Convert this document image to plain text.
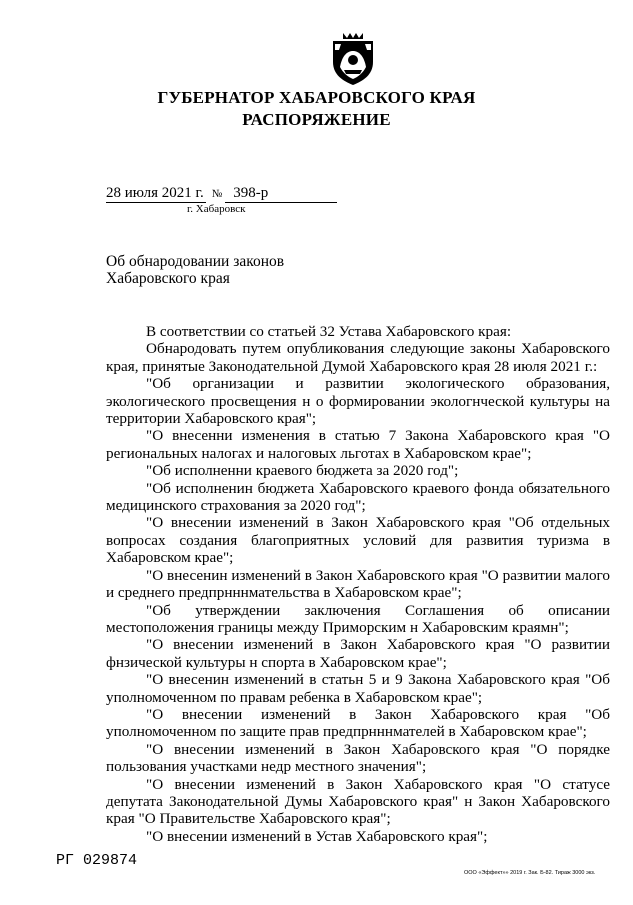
ГУБЕРНАТОР ХАБАРОВСКОГО КРАЯ
РАСПОРЯЖЕНИЕ
28 июля 2021 г. № 398-р
г. Хабаровск
Об обнародовании законов
Хабаровского края

В соответствии со статьей 32 Устава Хабаровского края:

Обнародовать путем опубликования следующие законы Хабаровского края, принятые Законодательной Думой Хабаровского края 28 июля 2021 г.:

"Об организации и развитии экологического образования, экологического просвещения н о формировании экологнческой культуры на территории Хабаровского края";

"О внесенни изменения в статью 7 Закона Хабаровского края "О региональных налогах и налоговых льготах в Хабаровском крае";

"Об исполненни краевого бюджета за 2020 год";

"Об исполненин бюджета Хабаровского краевого фонда обязательного медицинского страхования за 2020 год";

"О внесении изменений в Закон Хабаровского края "Об отдельных вопросах создания благоприятных условий для развития туризма в Хабаровском крае";

"О внесенин изменений в Закон Хабаровского края "О развитии малого и среднего предпрнннмательства в Хабаровском крае";

"Об утверждении заключения Соглашения об описании местоположения границы между Приморским н Хабаровским краямн";

"О внесении изменений в Закон Хабаровского края "О развитии фнзической культуры н спорта в Хабаровском крае";

"О внесенин изменений в статьн 5 и 9 Закона Хабаровского края "Об уполномоченном по правам ребенка в Хабаровском крае";

"О внесении изменений в Закон Хабаровского края "Об уполномоченном по защите прав предпрнннмателей в Хабаровском крае";

"О внесении изменений в Закон Хабаровского края "О порядке пользования участками недр местного значения";

"О внесении изменений в Закон Хабаровского края "О статусе депутата Законодательной Думы Хабаровского края" н Закон Хабаровского края "О Правительстве Хабаровского края";

"О внесении изменений в Устав Хабаровского края";

РГ 029874
ООО «Эффект»» 2019 г. Зак. Б-82. Тираж 3000 экз.
